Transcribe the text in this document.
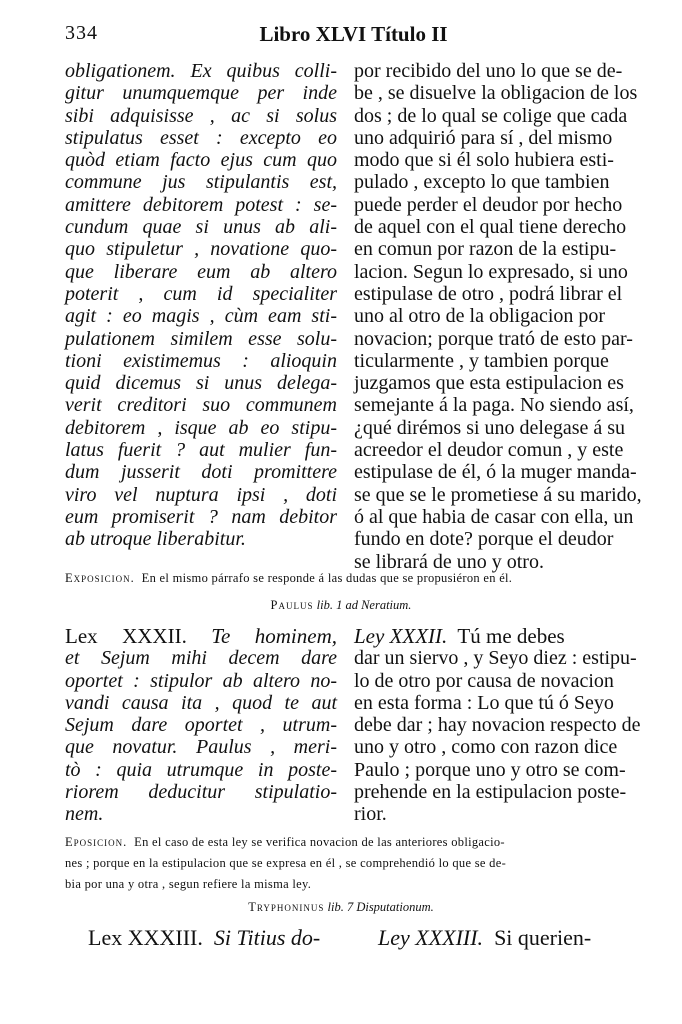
334	Libro XLVI Título II
obligationem. Ex quibus colli-
gitur unumquemque per inde
sibi adquisisse , ac si solus
stipulatus esset : excepto eo
quòd etiam facto ejus cum quo
commune jus stipulantis est,
amittere debitorem potest : se-
cundum quae si unus ab ali-
quo stipuletur , novatione quo-
que liberare eum ab altero
poterit , cum id specialiter
agit : eo magis , cùm eam sti-
pulationem similem esse solu-
tioni existimemus : alioquin
quid dicemus si unus delega-
verit creditori suo communem
debitorem , isque ab eo stipu-
latus fuerit ? aut mulier fun-
dum jusserit doti promittere
viro vel nuptura ipsi , doti
eum promiserit ? nam debitor
ab utroque liberabitur.
por recibido del uno lo que se de-
be , se disuelve la obligacion de los
dos ; de lo qual se colige que cada
uno adquirió para sí , del mismo
modo que si él solo hubiera esti-
pulado , excepto lo que tambien
puede perder el deudor por hecho
de aquel con el qual tiene derecho
en comun por razon de la estipu-
lacion. Segun lo expresado, si uno
estipulase de otro , podrá librar el
uno al otro de la obligacion por
novacion; porque trató de esto par-
ticularmente , y tambien porque
juzgamos que esta estipulacion es
semejante á la paga. No siendo así,
¿qué dirémos si uno delegase á su
acreedor el deudor comun , y este
estipulase de él, ó la muger manda-
se que se le prometiese á su marido,
ó al que habia de casar con ella, un
fundo en dote? porque el deudor
se librará de uno y otro.
Exposicion. En el mismo párrafo se responde á las dudas que se propusiéron en él.
Paulus lib. 1 ad Neratium.
Lex XXXII. Te hominem,
et Sejum mihi decem dare
oportet : stipulor ab altero no-
vandi causa ita , quod te aut
Sejum dare oportet , utrum-
que novatur. Paulus , meri-
tò : quia utrumque in poste-
riorem deducitur stipulatio-
nem.
Ley XXXII. Tú me debes
dar un siervo , y Seyo diez : estipu-
lo de otro por causa de novacion
en esta forma : Lo que tú ó Seyo
debe dar ; hay novacion respecto de
uno y otro , como con razon dice
Paulo ; porque uno y otro se com-
prehende en la estipulacion poste-
rior.
Eposicion. En el caso de esta ley se verifica novacion de las anteriores obligacio-
nes ; porque en la estipulacion que se expresa en él , se comprehendió lo que se de-
bia por una y otra , segun refiere la misma ley.
Tryphoninus lib. 7 Disputationum.
Lex XXXIII. Si Titius do-	Ley XXXIII. Si querien-
